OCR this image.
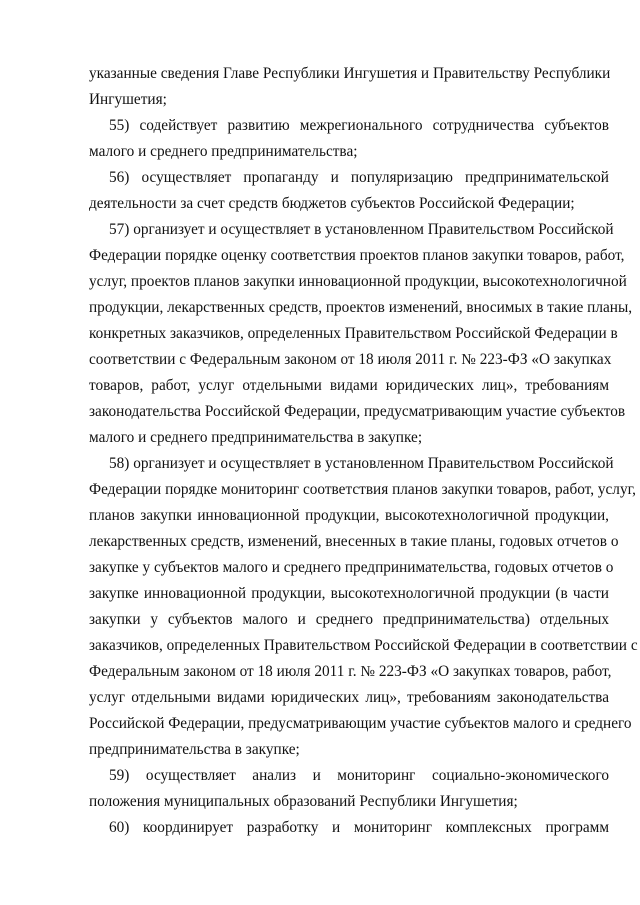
указанные сведения Главе Республики Ингушетия и Правительству Республики
Ингушетия;
55) содействует развитию межрегионального сотрудничества субъектов
малого и среднего предпринимательства;
56) осуществляет пропаганду и популяризацию предпринимательской
деятельности за счет средств бюджетов субъектов Российской Федерации;
57) организует и осуществляет в установленном Правительством Российской
Федерации порядке оценку соответствия проектов планов закупки товаров, работ,
услуг, проектов планов закупки инновационной продукции, высокотехнологичной
продукции, лекарственных средств, проектов изменений, вносимых в такие планы,
конкретных заказчиков, определенных Правительством Российской Федерации в
соответствии с Федеральным законом от 18 июля 2011 г. № 223-ФЗ «О закупках
товаров, работ, услуг отдельными видами юридических лиц», требованиям
законодательства Российской Федерации, предусматривающим участие субъектов
малого и среднего предпринимательства в закупке;
58) организует и осуществляет в установленном Правительством Российской
Федерации порядке мониторинг соответствия планов закупки товаров, работ, услуг,
планов закупки инновационной продукции, высокотехнологичной продукции,
лекарственных средств, изменений, внесенных в такие планы, годовых отчетов о
закупке у субъектов малого и среднего предпринимательства, годовых отчетов о
закупке инновационной продукции, высокотехнологичной продукции (в части
закупки у субъектов малого и среднего предпринимательства) отдельных
заказчиков, определенных Правительством Российской Федерации в соответствии с
Федеральным законом от 18 июля 2011 г. № 223-ФЗ «О закупках товаров, работ,
услуг отдельными видами юридических лиц», требованиям законодательства
Российской Федерации, предусматривающим участие субъектов малого и среднего
предпринимательства в закупке;
59) осуществляет анализ и мониторинг социально-экономического
положения муниципальных образований Республики Ингушетия;
60) координирует разработку и мониторинг комплексных программ
